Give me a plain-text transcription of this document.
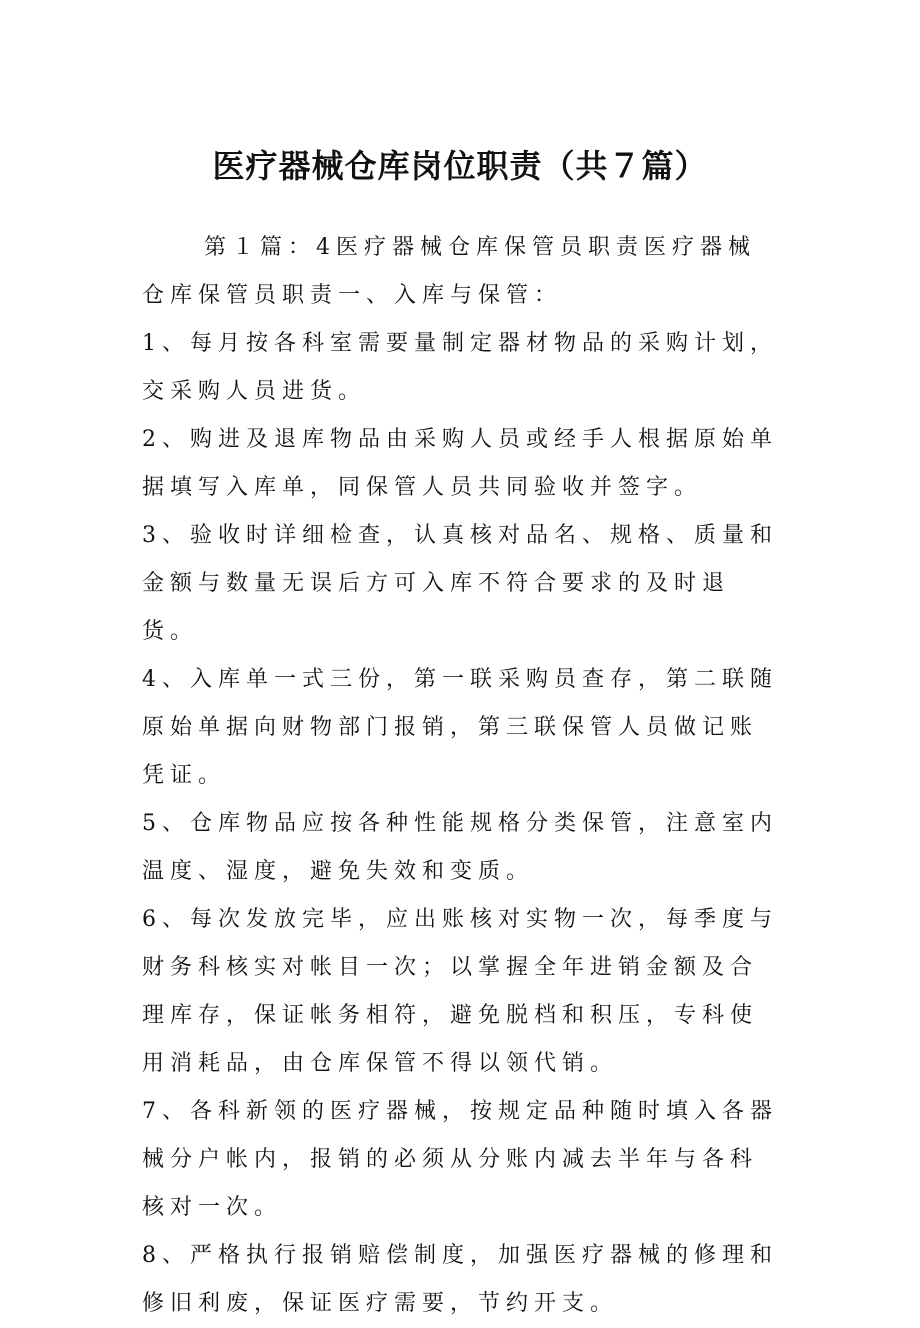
医疗器械仓库岗位职责（共７篇）

第１篇：4医疗器械仓库保管员职责医疗器械仓库保管员职责一、入库与保管：

1、每月按各科室需要量制定器材物品的采购计划，交采购人员进货。

2、购进及退库物品由采购人员或经手人根据原始单据填写入库单，同保管人员共同验收并签字。

3、验收时详细检查，认真核对品名、规格、质量和金额与数量无误后方可入库不符合要求的及时退货。

4、入库单一式三份，第一联采购员查存，第二联随原始单据向财物部门报销，第三联保管人员做记账凭证。

5、仓库物品应按各种性能规格分类保管，注意室内温度、湿度，避免失效和变质。

6、每次发放完毕，应出账核对实物一次，每季度与财务科核实对帐目一次；以掌握全年进销金额及合理库存，保证帐务相符，避免脱档和积压，专科使用消耗品，由仓库保管不得以领代销。

7、各科新领的医疗器械，按规定品种随时填入各器械分户帐内，报销的必须从分账内减去半年与各科核对一次。

8、严格执行报销赔偿制度，加强医疗器械的修理和修旧利废，保证医疗需要，节约开支。
